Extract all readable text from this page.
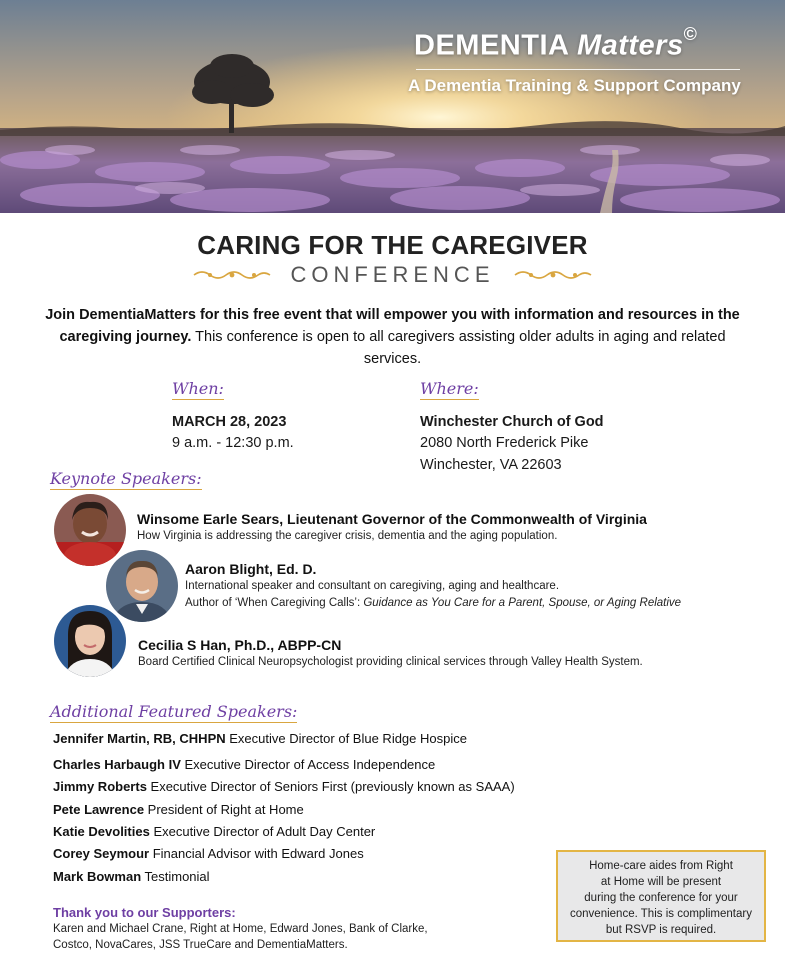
DEMENTIA Matters©
A Dementia Training & Support Company
CARING FOR THE CAREGIVER
CONFERENCE
Join DementiaMatters for this free event that will empower you with information and resources in the caregiving journey. This conference is open to all caregivers assisting older adults in aging and related services.
When:	Where:
MARCH 28, 2023
9 a.m. - 12:30 p.m.
Winchester Church of God
2080 North Frederick Pike
Winchester, VA 22603
Keynote Speakers:
Winsome Earle Sears, Lieutenant Governor of the Commonwealth of Virginia
How Virginia is addressing the caregiver crisis, dementia and the aging population.
Aaron Blight, Ed. D.
International speaker and consultant on caregiving, aging and healthcare.
Author of ‘When Caregiving Calls’: Guidance as You Care for a Parent, Spouse, or Aging Relative
Cecilia S Han, Ph.D., ABPP-CN
Board Certified Clinical Neuropsychologist providing clinical services through Valley Health System.
Additional Featured Speakers:
Jennifer Martin, RB, CHHPN Executive Director of Blue Ridge Hospice
Charles Harbaugh IV Executive Director of Access Independence
Jimmy Roberts Executive Director of Seniors First (previously known as SAAA)
Pete Lawrence President of Right at Home
Katie Devolities Executive Director of Adult Day Center
Corey Seymour Financial Advisor with Edward Jones
Mark Bowman Testimonial
Thank you to our Supporters:
Karen and Michael Crane, Right at Home, Edward Jones, Bank of Clarke,
Costco, NovaCares, JSS TrueCare and DementiaMatters.
Home-care aides from Right
at Home will be present
during the conference for your
convenience. This is complimentary
but RSVP is required.
